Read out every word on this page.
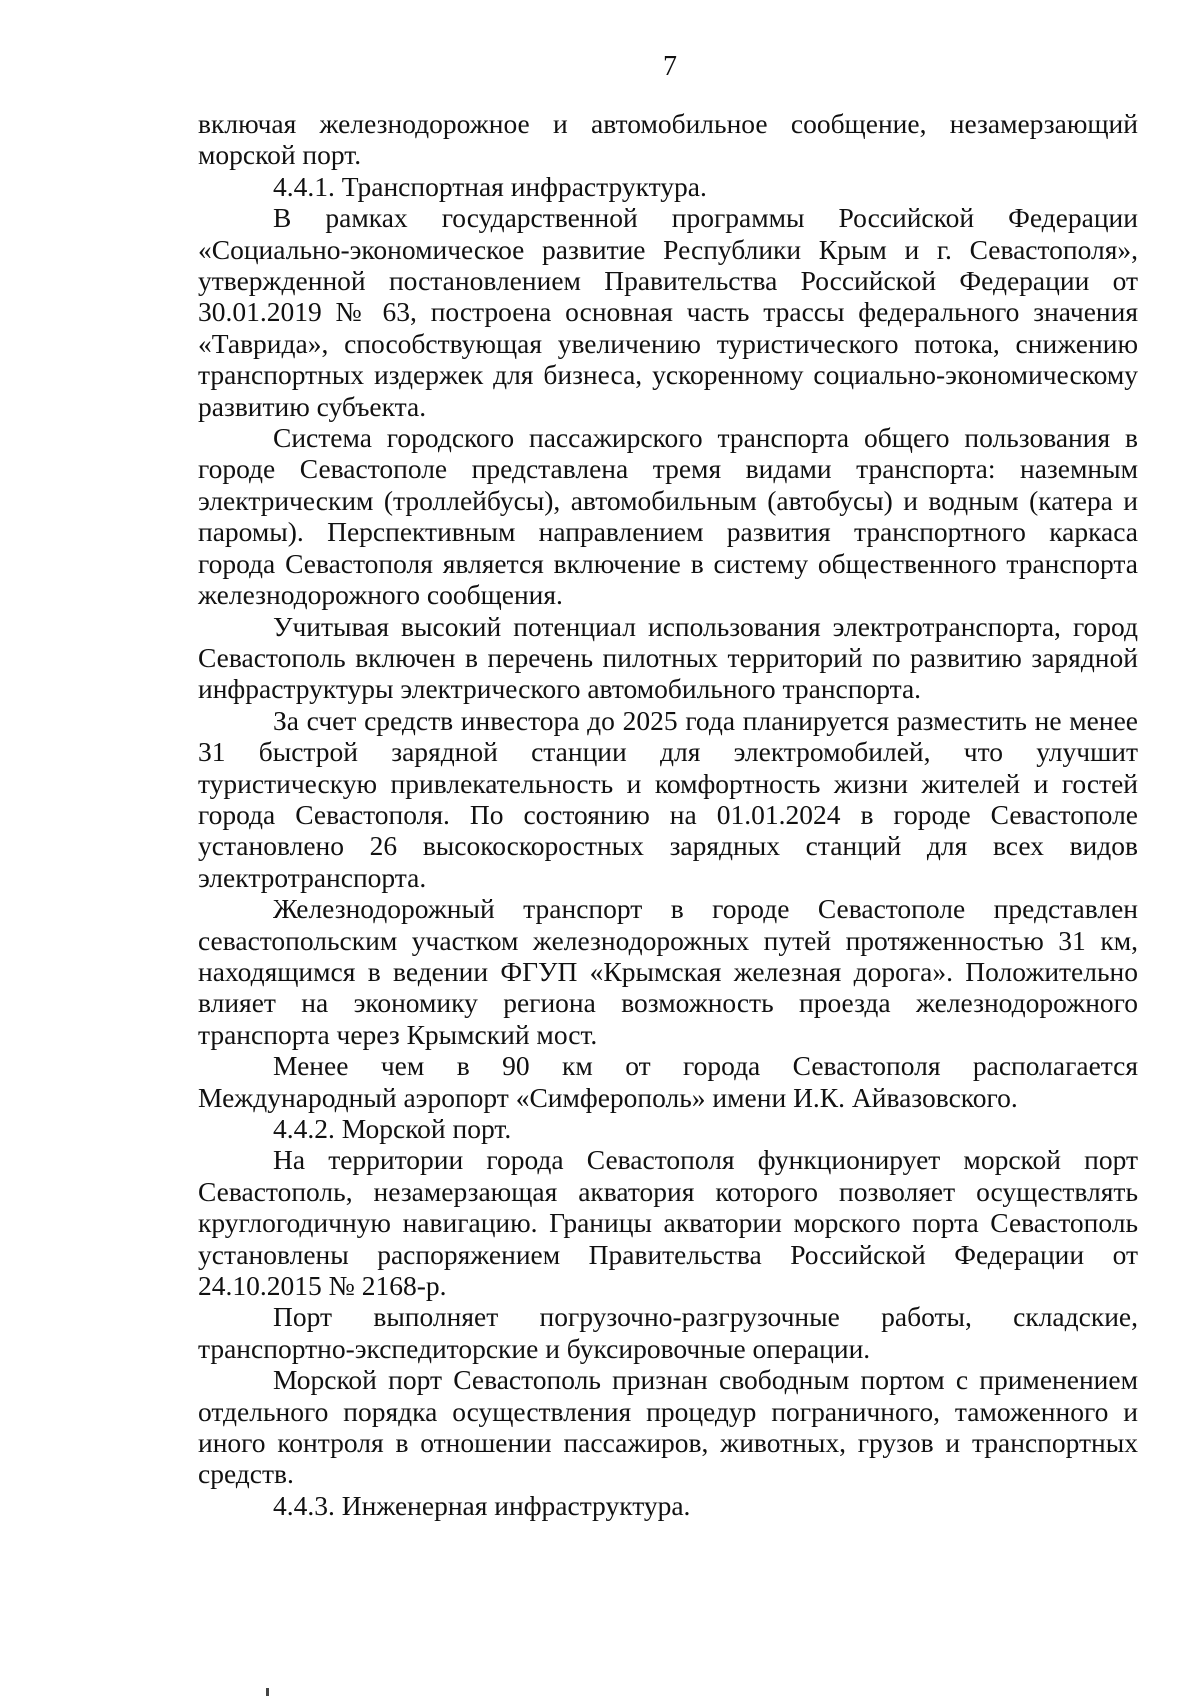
7

включая железнодорожное и автомобильное сообщение, незамерзающий морской порт.

4.4.1. Транспортная инфраструктура.

В рамках государственной программы Российской Федерации «Социально-экономическое развитие Республики Крым и г. Севастополя», утвержденной постановлением Правительства Российской Федерации от 30.01.2019 № 63, построена основная часть трассы федерального значения «Таврида», способствующая увеличению туристического потока, снижению транспортных издержек для бизнеса, ускоренному социально-экономическому развитию субъекта.

Система городского пассажирского транспорта общего пользования в городе Севастополе представлена тремя видами транспорта: наземным электрическим (троллейбусы), автомобильным (автобусы) и водным (катера и паромы). Перспективным направлением развития транспортного каркаса города Севастополя является включение в систему общественного транспорта железнодорожного сообщения.

Учитывая высокий потенциал использования электротранспорта, город Севастополь включен в перечень пилотных территорий по развитию зарядной инфраструктуры электрического автомобильного транспорта.

За счет средств инвестора до 2025 года планируется разместить не менее 31 быстрой зарядной станции для электромобилей, что улучшит туристическую привлекательность и комфортность жизни жителей и гостей города Севастополя. По состоянию на 01.01.2024 в городе Севастополе установлено 26 высокоскоростных зарядных станций для всех видов электротранспорта.

Железнодорожный транспорт в городе Севастополе представлен севастопольским участком железнодорожных путей протяженностью 31 км, находящимся в ведении ФГУП «Крымская железная дорога». Положительно влияет на экономику региона возможность проезда железнодорожного транспорта через Крымский мост.

Менее чем в 90 км от города Севастополя располагается Международный аэропорт «Симферополь» имени И.К. Айвазовского.

4.4.2. Морской порт.

На территории города Севастополя функционирует морской порт Севастополь, незамерзающая акватория которого позволяет осуществлять круглогодичную навигацию. Границы акватории морского порта Севастополь установлены распоряжением Правительства Российской Федерации от 24.10.2015 № 2168-р.

Порт выполняет погрузочно-разгрузочные работы, складские, транспортно-экспедиторские и буксировочные операции.

Морской порт Севастополь признан свободным портом с применением отдельного порядка осуществления процедур пограничного, таможенного и иного контроля в отношении пассажиров, животных, грузов и транспортных средств.

4.4.3. Инженерная инфраструктура.
